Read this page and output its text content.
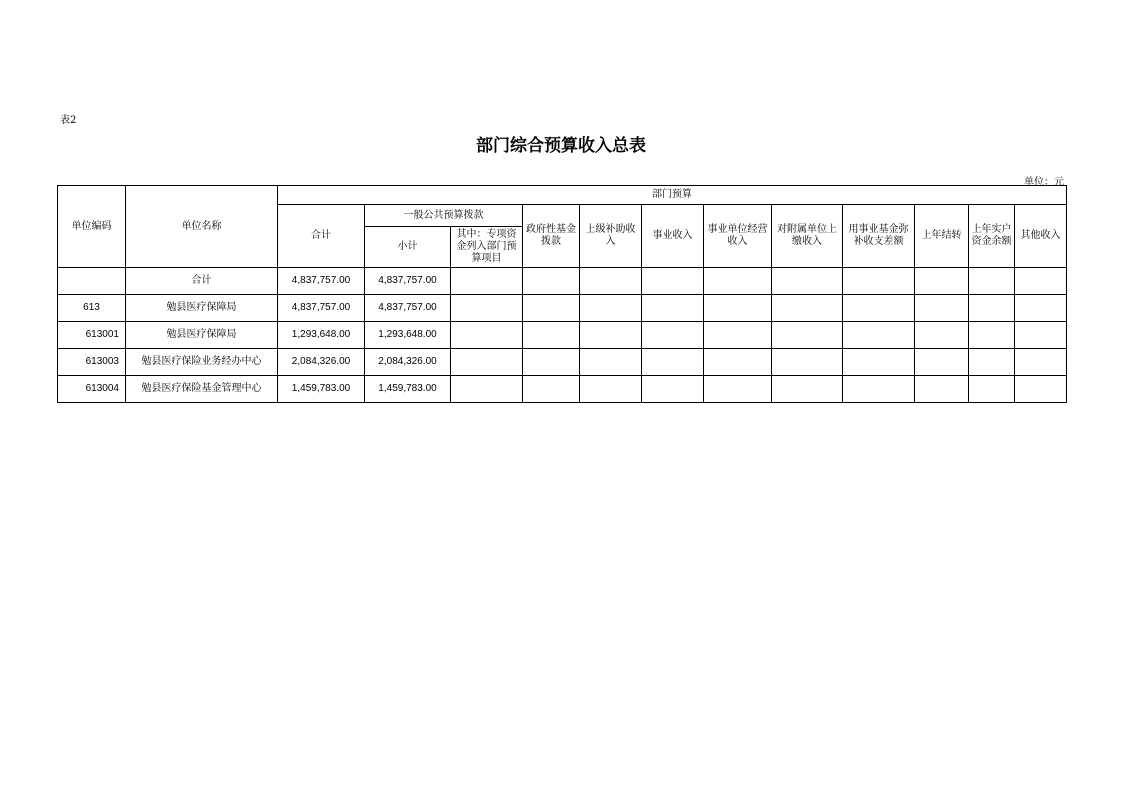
表2
部门综合预算收入总表
单位：元
单位编码	单位名称	部门预算											
		合计	一般公共预算拨款		政府性基金拨款	上级补助收入	事业收入	事业单位经营收入	对附属单位上缴收入	用事业基金弥补收支差额	上年结转	上年实户资金余额	其他收入
			小计	其中：专项资金列入部门预算项目									
	合计	4,837,757.00	4,837,757.00										
613	勉县医疗保障局	4,837,757.00	4,837,757.00										
613001	勉县医疗保障局	1,293,648.00	1,293,648.00										
613003	勉县医疗保险业务经办中心	2,084,326.00	2,084,326.00										
613004	勉县医疗保险基金管理中心	1,459,783.00	1,459,783.00										
